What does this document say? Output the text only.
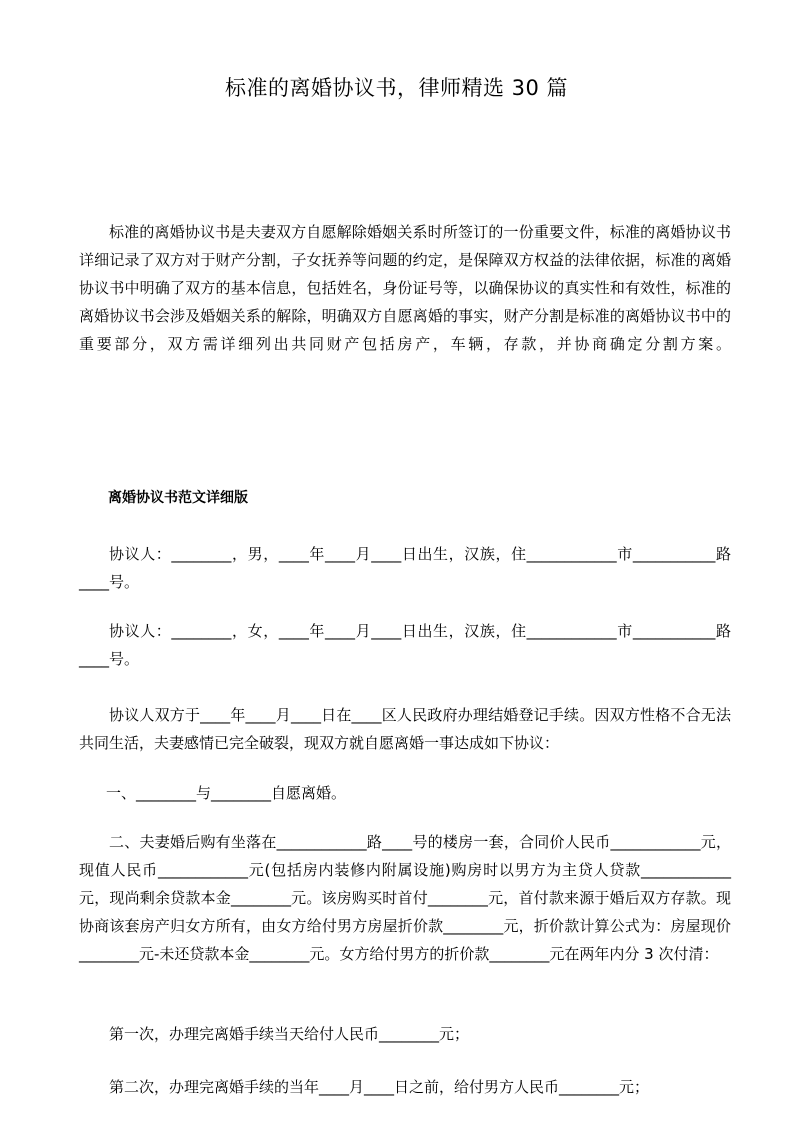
标准的离婚协议书，律师精选 30 篇

标准的离婚协议书是夫妻双方自愿解除婚姻关系时所签订的一份重要文件，标准的离婚协议书详细记录了双方对于财产分割，子女抚养等问题的约定，是保障双方权益的法律依据，标准的离婚协议书中明确了双方的基本信息，包括姓名，身份证号等，以确保协议的真实性和有效性，标准的离婚协议书会涉及婚姻关系的解除，明确双方自愿离婚的事实，财产分割是标准的离婚协议书中的重要部分，双方需详细列出共同财产包括房产，车辆，存款，并协商确定分割方案。

离婚协议书范文详细版

协议人：________，男，____年____月____日出生，汉族，住____________市___________路____号。

协议人：________，女，____年____月____日出生，汉族，住____________市___________路____号。

协议人双方于____年____月____日在____区人民政府办理结婚登记手续。因双方性格不合无法共同生活，夫妻感情已完全破裂，现双方就自愿离婚一事达成如下协议：

一、________与________自愿离婚。

二、夫妻婚后购有坐落在____________路____号的楼房一套，合同价人民币____________元，现值人民币____________元(包括房内装修内附属设施)购房时以男方为主贷人贷款____________元，现尚剩余贷款本金________元。该房购买时首付________元，首付款来源于婚后双方存款。现协商该套房产归女方所有，由女方给付男方房屋折价款________元，折价款计算公式为：房屋现价________元-未还贷款本金________元。女方给付男方的折价款________元在两年内分 3 次付清：

第一次，办理完离婚手续当天给付人民币________元；

第二次，办理完离婚手续的当年____月____日之前，给付男方人民币________元；
